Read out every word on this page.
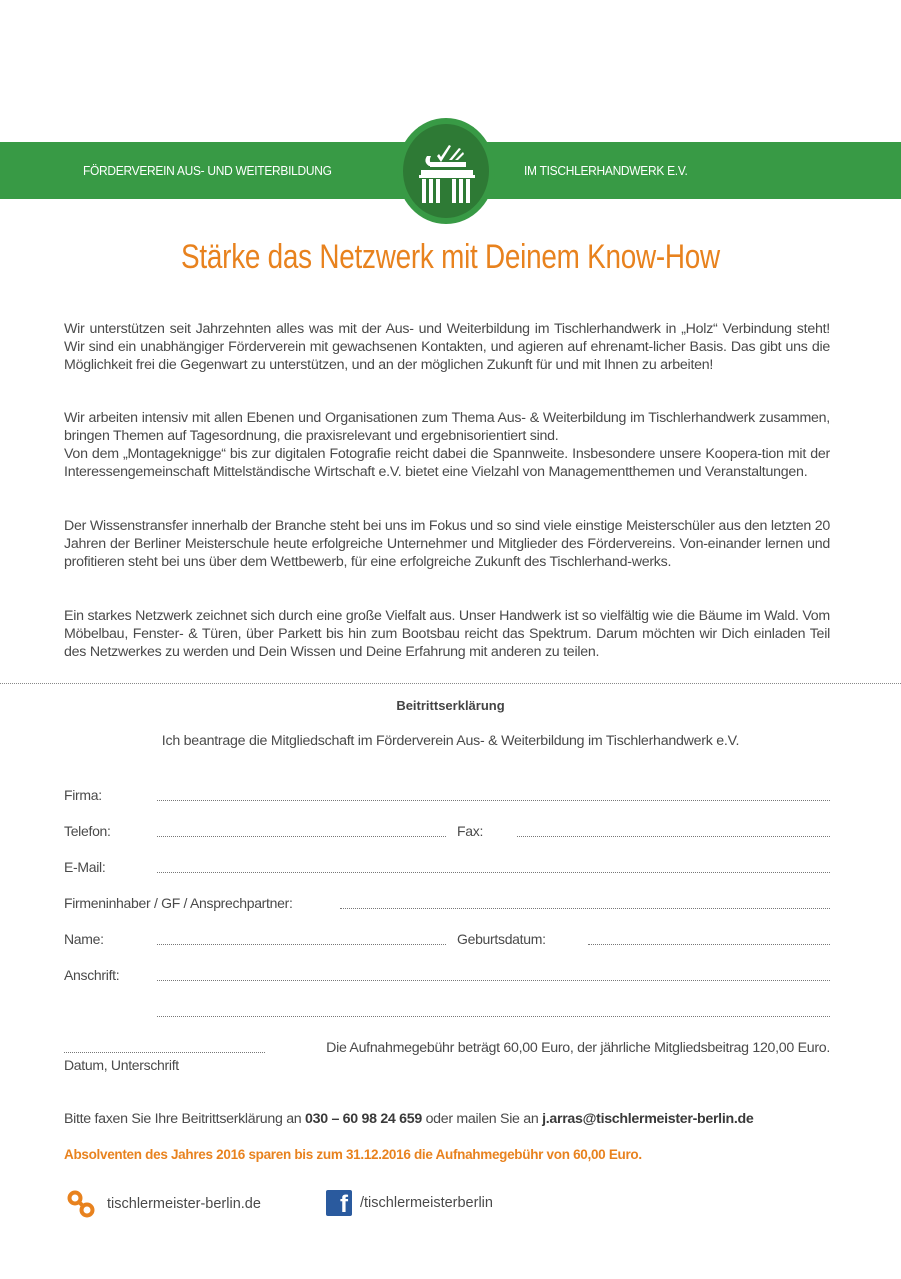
FÖRDERVEREIN AUS- UND WEITERBILDUNG	IM TISCHLERHANDWERK E.V.
Stärke das Netzwerk mit Deinem Know-How

Wir unterstützen seit Jahrzehnten alles was mit der Aus- und Weiterbildung im Tischlerhandwerk in „Holz“ Verbindung steht! Wir sind ein unabhängiger Förderverein mit gewachsenen Kontakten, und agieren auf ehrenamt-licher Basis. Das gibt uns die Möglichkeit frei die Gegenwart zu unterstützen, und an der möglichen Zukunft für und mit Ihnen zu arbeiten!

Wir arbeiten intensiv mit allen Ebenen und Organisationen zum Thema Aus- & Weiterbildung im Tischlerhandwerk zusammen, bringen Themen auf Tagesordnung, die praxisrelevant und ergebnisorientiert sind.
Von dem „Montageknigge“ bis zur digitalen Fotografie reicht dabei die Spannweite. Insbesondere unsere Koopera-tion mit der Interessengemeinschaft Mittelständische Wirtschaft e.V. bietet eine Vielzahl von Managementthemen und Veranstaltungen.

Der Wissenstransfer innerhalb der Branche steht bei uns im Fokus und so sind viele einstige Meisterschüler aus den letzten 20 Jahren der Berliner Meisterschule heute erfolgreiche Unternehmer und Mitglieder des Fördervereins. Von-einander lernen und profitieren steht bei uns über dem Wettbewerb, für eine erfolgreiche Zukunft des Tischlerhand-werks.

Ein starkes Netzwerk zeichnet sich durch eine große Vielfalt aus. Unser Handwerk ist so vielfältig wie die Bäume im Wald. Vom Möbelbau, Fenster- & Türen, über Parkett bis hin zum Bootsbau reicht das Spektrum. Darum möchten wir Dich einladen Teil des Netzwerkes zu werden und Dein Wissen und Deine Erfahrung mit anderen zu teilen.

Beitrittserklärung
Ich beantrage die Mitgliedschaft im Förderverein Aus- & Weiterbildung im Tischlerhandwerk e.V.
Firma:
Telefon:	Fax:
E-Mail:
Firmeninhaber / GF / Ansprechpartner:
Name:	Geburtsdatum:
Anschrift:
Die Aufnahmegebühr beträgt 60,00 Euro, der jährliche Mitgliedsbeitrag 120,00 Euro.
Datum, Unterschrift
Bitte faxen Sie Ihre Beitrittserklärung an 030 – 60 98 24 659 oder mailen Sie an j.arras@tischlermeister-berlin.de
Absolventen des Jahres 2016 sparen bis zum 31.12.2016 die Aufnahmegebühr von 60,00 Euro.
tischlermeister-berlin.de	f /tischlermeisterberlin
